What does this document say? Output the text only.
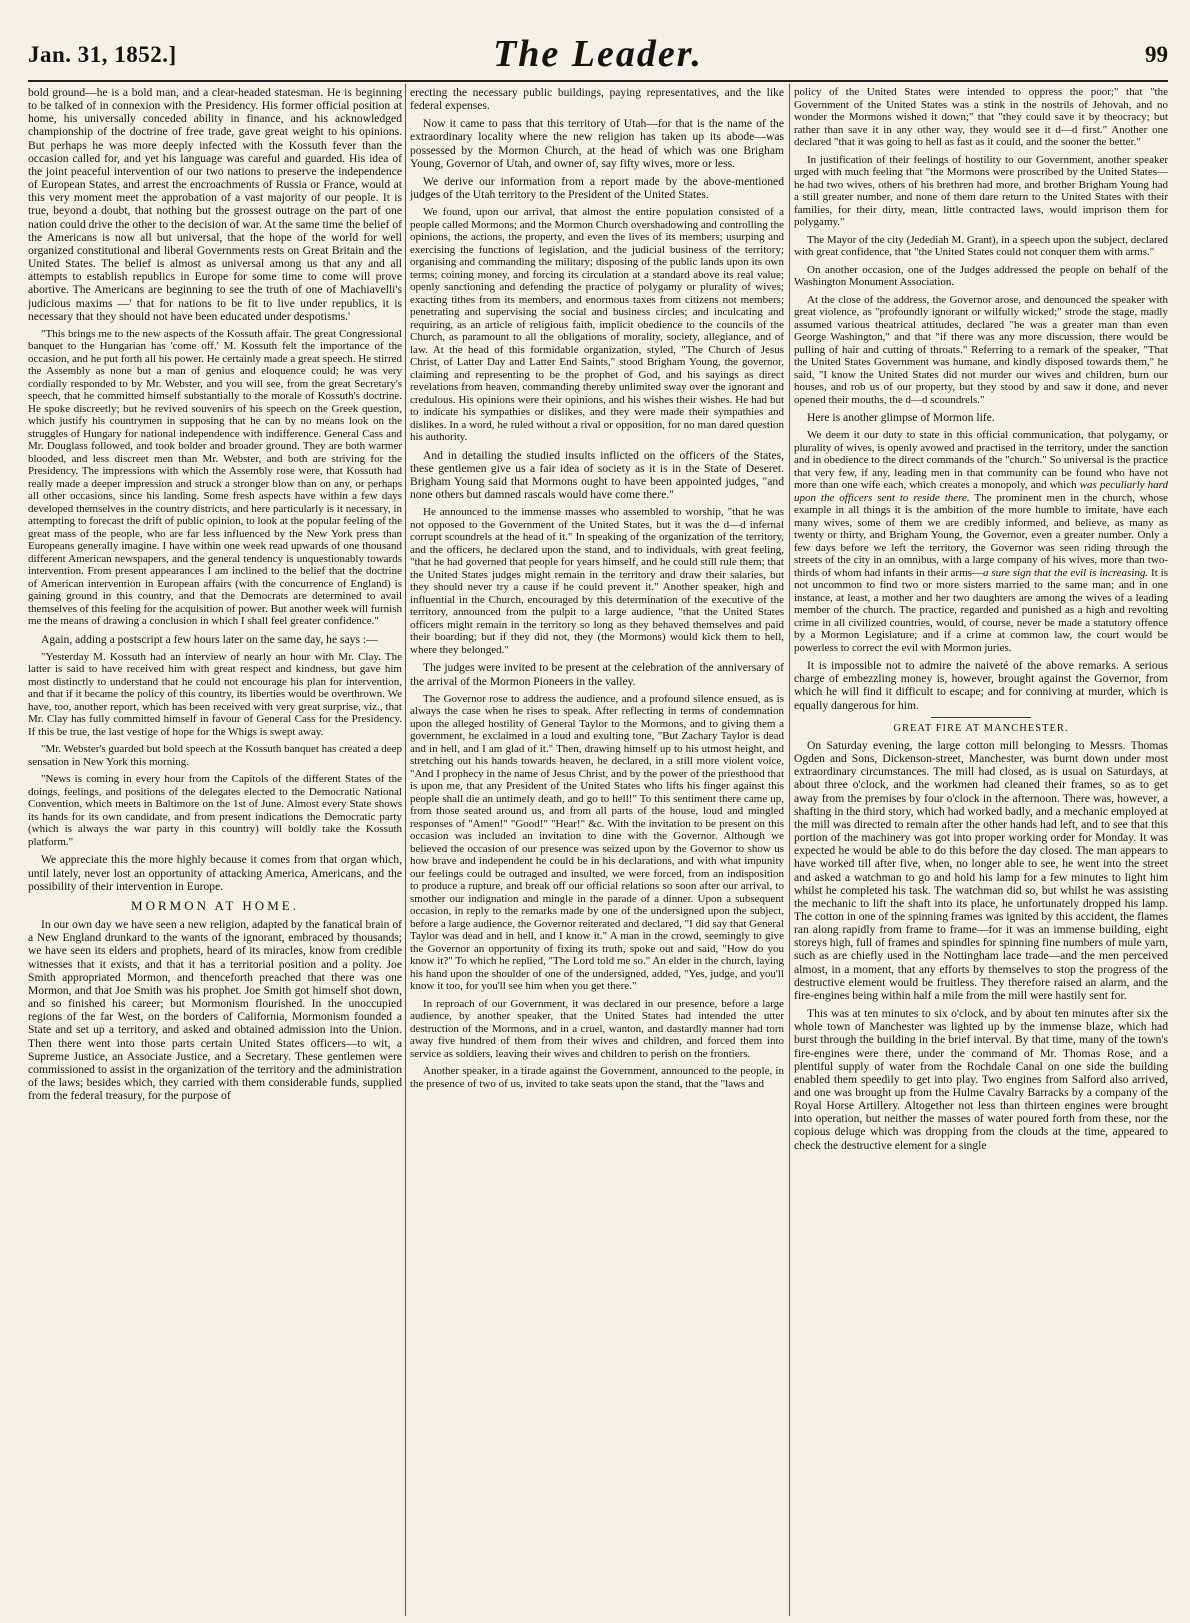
Jan. 31, 1852.]	The Leader.	99

bold ground—he is a bold man, and a clear-headed statesman. He is beginning to be talked of in connexion with the Presidency. His former official position at home, his universally conceded ability in finance, and his acknowledged championship of the doctrine of free trade, gave great weight to his opinions. But perhaps he was more deeply infected with the Kossuth fever than the occasion called for, and yet his language was careful and guarded. His idea of the joint peaceful intervention of our two nations to preserve the independence of European States, and arrest the encroachments of Russia or France, would at this very moment meet the approbation of a vast majority of our people. It is true, beyond a doubt, that nothing but the grossest outrage on the part of one nation could drive the other to the decision of war. At the same time the belief of the Americans is now all but universal, that the hope of the world for well organized constitutional and liberal Governments rests on Great Britain and the United States. The belief is almost as universal among us that any and all attempts to establish republics in Europe for some time to come will prove abortive. The Americans are beginning to see the truth of one of Machiavelli's judicious maxims —' that for nations to be fit to live under republics, it is necessary that they should not have been educated under despotisms.'

"This brings me to the new aspects of the Kossuth affair. The great Congressional banquet to the Hungarian has 'come off.' M. Kossuth felt the importance of the occasion, and he put forth all his power. He certainly made a great speech. He stirred the Assembly as none but a man of genius and eloquence could; he was very cordially responded to by Mr. Webster, and you will see, from the great Secretary's speech, that he committed himself substantially to the morale of Kossuth's doctrine. He spoke discreetly; but he revived souvenirs of his speech on the Greek question, which justify his countrymen in supposing that he can by no means look on the struggles of Hungary for national independence with indifference. General Cass and Mr. Douglass followed, and took bolder and broader ground. They are both warmer blooded, and less discreet men than Mr. Webster, and both are striving for the Presidency. The impressions with which the Assembly rose were, that Kossuth had really made a deeper impression and struck a stronger blow than on any, or perhaps all other occasions, since his landing. Some fresh aspects have within a few days developed themselves in the country districts, and here particularly is it necessary, in attempting to forecast the drift of public opinion, to look at the popular feeling of the great mass of the people, who are far less influenced by the New York press than Europeans generally imagine. I have within one week read upwards of one thousand different American newspapers, and the general tendency is unquestionably towards intervention. From present appearances I am inclined to the belief that the doctrine of American intervention in European affairs (with the concurrence of England) is gaining ground in this country, and that the Democrats are determined to avail themselves of this feeling for the acquisition of power. But another week will furnish me the means of drawing a conclusion in which I shall feel greater confidence."

Again, adding a postscript a few hours later on the same day, he says :—

"Yesterday M. Kossuth had an interview of nearly an hour with Mr. Clay. The latter is said to have received him with great respect and kindness, but gave him most distinctly to understand that he could not encourage his plan for intervention, and that if it became the policy of this country, its liberties would be overthrown. We have, too, another report, which has been received with very great surprise, viz., that Mr. Clay has fully committed himself in favour of General Cass for the Presidency. If this be true, the last vestige of hope for the Whigs is swept away.

"Mr. Webster's guarded but bold speech at the Kossuth banquet has created a deep sensation in New York this morning.

"News is coming in every hour from the Capitols of the different States of the doings, feelings, and positions of the delegates elected to the Democratic National Convention, which meets in Baltimore on the 1st of June. Almost every State shows its hands for its own candidate, and from present indications the Democratic party (which is always the war party in this country) will boldly take the Kossuth platform."

We appreciate this the more highly because it comes from that organ which, until lately, never lost an opportunity of attacking America, Americans, and the possibility of their intervention in Europe.

MORMON AT HOME.

In our own day we have seen a new religion, adapted by the fanatical brain of a New England drunkard to the wants of the ignorant, embraced by thousands; we have seen its elders and prophets, heard of its miracles, know from credible witnesses that it exists, and that it has a territorial position and a polity. Joe Smith appropriated Mormon, and thenceforth preached that there was one Mormon, and that Joe Smith was his prophet. Joe Smith got himself shot down, and so finished his career; but Mormonism flourished. In the unoccupied regions of the far West, on the borders of California, Mormonism founded a State and set up a territory, and asked and obtained admission into the Union. Then there went into those parts certain United States officers—to wit, a Supreme Justice, an Associate Justice, and a Secretary. These gentlemen were commissioned to assist in the organization of the territory and the administration of the laws; besides which, they carried with them considerable funds, supplied from the federal treasury, for the purpose of

erecting the necessary public buildings, paying representatives, and the like federal expenses.

Now it came to pass that this territory of Utah—for that is the name of the extraordinary locality where the new religion has taken up its abode—was possessed by the Mormon Church, at the head of which was one Brigham Young, Governor of Utah, and owner of, say fifty wives, more or less.

We derive our information from a report made by the above-mentioned judges of the Utah territory to the President of the United States.

We found, upon our arrival, that almost the entire population consisted of a people called Mormons; and the Mormon Church overshadowing and controlling the opinions, the actions, the property, and even the lives of its members; usurping and exercising the functions of legislation, and the judicial business of the territory; organising and commanding the military; disposing of the public lands upon its own terms; coining money, and forcing its circulation at a standard above its real value; openly sanctioning and defending the practice of polygamy or plurality of wives; exacting tithes from its members, and enormous taxes from citizens not members; penetrating and supervising the social and business circles; and inculcating and requiring, as an article of religious faith, implicit obedience to the councils of the Church, as paramount to all the obligations of morality, society, allegiance, and of law. At the head of this formidable organization, styled, "The Church of Jesus Christ, of Latter Day and Latter End Saints," stood Brigham Young, the governor, claiming and representing to be the prophet of God, and his sayings as direct revelations from heaven, commanding thereby unlimited sway over the ignorant and credulous. His opinions were their opinions, and his wishes their wishes. He had but to indicate his sympathies or dislikes, and they were made their sympathies and dislikes. In a word, he ruled without a rival or opposition, for no man dared question his authority.

And in detailing the studied insults inflicted on the officers of the States, these gentlemen give us a fair idea of society as it is in the State of Deseret. Brigham Young said that Mormons ought to have been appointed judges, "and none others but damned rascals would have come there."

He announced to the immense masses who assembled to worship, "that he was not opposed to the Government of the United States, but it was the d—d infernal corrupt scoundrels at the head of it." In speaking of the organization of the territory, and the officers, he declared upon the stand, and to individuals, with great feeling, "that he had governed that people for years himself, and he could still rule them; that the United States judges might remain in the territory and draw their salaries, but they should never try a cause if he could prevent it." Another speaker, high and influential in the Church, encouraged by this determination of the executive of the territory, announced from the pulpit to a large audience, "that the United States officers might remain in the territory so long as they behaved themselves and paid their boarding; but if they did not, they (the Mormons) would kick them to hell, where they belonged."

The judges were invited to be present at the celebration of the anniversary of the arrival of the Mormon Pioneers in the valley.

The Governor rose to address the audience, and a profound silence ensued, as is always the case when he rises to speak. After reflecting in terms of condemnation upon the alleged hostility of General Taylor to the Mormons, and to giving them a government, he exclaimed in a loud and exulting tone, "But Zachary Taylor is dead and in hell, and I am glad of it." Then, drawing himself up to his utmost height, and stretching out his hands towards heaven, he declared, in a still more violent voice, "And I prophecy in the name of Jesus Christ, and by the power of the priesthood that is upon me, that any President of the United States who lifts his finger against this people shall die an untimely death, and go to hell!" To this sentiment there came up, from those seated around us, and from all parts of the house, loud and mingled responses of "Amen!" "Good!" "Hear!" &c. With the invitation to be present on this occasion was included an invitation to dine with the Governor. Although we believed the occasion of our presence was seized upon by the Governor to show us how brave and independent he could be in his declarations, and with what impunity our feelings could be outraged and insulted, we were forced, from an indisposition to produce a rupture, and break off our official relations so soon after our arrival, to smother our indignation and mingle in the parade of a dinner. Upon a subsequent occasion, in reply to the remarks made by one of the undersigned upon the subject, before a large audience, the Governor reiterated and declared, "I did say that General Taylor was dead and in hell, and I know it." A man in the crowd, seemingly to give the Governor an opportunity of fixing its truth, spoke out and said, "How do you know it?" To which he replied, "The Lord told me so." An elder in the church, laying his hand upon the shoulder of one of the undersigned, added, "Yes, judge, and you'll know it too, for you'll see him when you get there."

In reproach of our Government, it was declared in our presence, before a large audience, by another speaker, that the United States had intended the utter destruction of the Mormons, and in a cruel, wanton, and dastardly manner had torn away five hundred of them from their wives and children, and forced them into service as soldiers, leaving their wives and children to perish on the frontiers.

Another speaker, in a tirade against the Government, announced to the people, in the presence of two of us, invited to take seats upon the stand, that the "laws and

policy of the United States were intended to oppress the poor;" that "the Government of the United States was a stink in the nostrils of Jehovah, and no wonder the Mormons wished it down;" that "they could save it by theocracy; but rather than save it in any other way, they would see it d—d first." Another one declared "that it was going to hell as fast as it could, and the sooner the better."

In justification of their feelings of hostility to our Government, another speaker urged with much feeling that "the Mormons were proscribed by the United States—he had two wives, others of his brethren had more, and brother Brigham Young had a still greater number, and none of them dare return to the United States with their families, for their dirty, mean, little contracted laws, would imprison them for polygamy."

The Mayor of the city (Jedediah M. Grant), in a speech upon the subject, declared with great confidence, that "the United States could not conquer them with arms."

On another occasion, one of the Judges addressed the people on behalf of the Washington Monument Association.

At the close of the address, the Governor arose, and denounced the speaker with great violence, as "profoundly ignorant or wilfully wicked;" strode the stage, madly assumed various theatrical attitudes, declared "he was a greater man than even George Washington," and that "if there was any more discussion, there would be pulling of hair and cutting of throats." Referring to a remark of the speaker, "That the United States Government was humane, and kindly disposed towards them," he said, "I know the United States did not murder our wives and children, burn our houses, and rob us of our property, but they stood by and saw it done, and never opened their mouths, the d—d scoundrels."

Here is another glimpse of Mormon life.

We deem it our duty to state in this official communication, that polygamy, or plurality of wives, is openly avowed and practised in the territory, under the sanction and in obedience to the direct commands of the "church." So universal is the practice that very few, if any, leading men in that community can be found who have not more than one wife each, which creates a monopoly, and which was peculiarly hard upon the officers sent to reside there. The prominent men in the church, whose example in all things it is the ambition of the more humble to imitate, have each many wives, some of them we are credibly informed, and believe, as many as twenty or thirty, and Brigham Young, the Governor, even a greater number. Only a few days before we left the territory, the Governor was seen riding through the streets of the city in an omnibus, with a large company of his wives, more than two-thirds of whom had infants in their arms—a sure sign that the evil is increasing. It is not uncommon to find two or more sisters married to the same man; and in one instance, at least, a mother and her two daughters are among the wives of a leading member of the church. The practice, regarded and punished as a high and revolting crime in all civilized countries, would, of course, never be made a statutory offence by a Mormon Legislature; and if a crime at common law, the court would be powerless to correct the evil with Mormon juries.

It is impossible not to admire the naiveté of the above remarks. A serious charge of embezzling money is, however, brought against the Governor, from which he will find it difficult to escape; and for conniving at murder, which is equally dangerous for him.

GREAT FIRE AT MANCHESTER.

On Saturday evening, the large cotton mill belonging to Messrs. Thomas Ogden and Sons, Dickenson-street, Manchester, was burnt down under most extraordinary circumstances. The mill had closed, as is usual on Saturdays, at about three o'clock, and the workmen had cleaned their frames, so as to get away from the premises by four o'clock in the afternoon. There was, however, a shafting in the third story, which had worked badly, and a mechanic employed at the mill was directed to remain after the other hands had left, and to see that this portion of the machinery was got into proper working order for Monday. It was expected he would be able to do this before the day closed. The man appears to have worked till after five, when, no longer able to see, he went into the street and asked a watchman to go and hold his lamp for a few minutes to light him whilst he completed his task. The watchman did so, but whilst he was assisting the mechanic to lift the shaft into its place, he unfortunately dropped his lamp. The cotton in one of the spinning frames was ignited by this accident, the flames ran along rapidly from frame to frame—for it was an immense building, eight storeys high, full of frames and spindles for spinning fine numbers of mule yarn, such as are chiefly used in the Nottingham lace trade—and the men perceived almost, in a moment, that any efforts by themselves to stop the progress of the destructive element would be fruitless. They therefore raised an alarm, and the fire-engines being within half a mile from the mill were hastily sent for.

This was at ten minutes to six o'clock, and by about ten minutes after six the whole town of Manchester was lighted up by the immense blaze, which had burst through the building in the brief interval. By that time, many of the town's fire-engines were there, under the command of Mr. Thomas Rose, and a plentiful supply of water from the Rochdale Canal on one side the building enabled them speedily to get into play. Two engines from Salford also arrived, and one was brought up from the Hulme Cavalry Barracks by a company of the Royal Horse Artillery. Altogether not less than thirteen engines were brought into operation, but neither the masses of water poured forth from these, nor the copious deluge which was dropping from the clouds at the time, appeared to check the destructive element for a single
